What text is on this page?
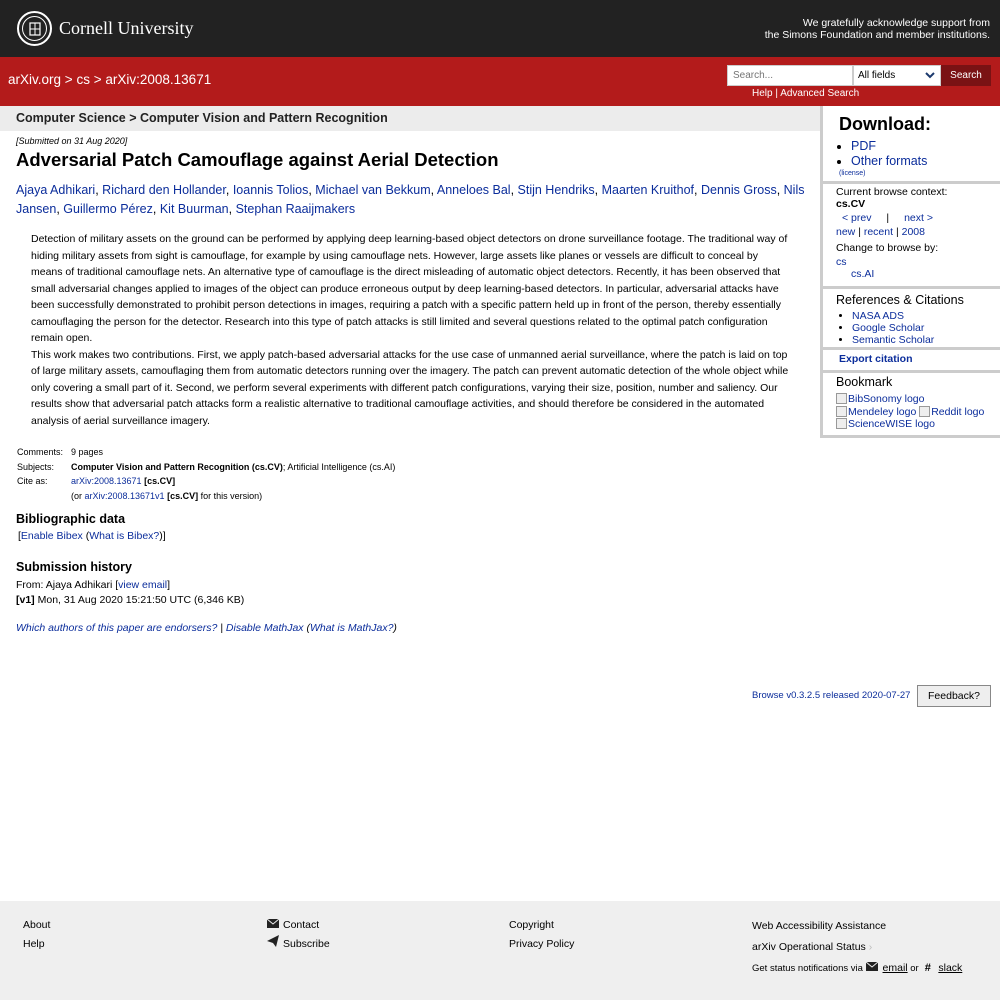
Cornell University	We gratefully acknowledge support from
the Simons Foundation and member institutions.
arXiv.org > cs > arXiv:2008.13671
Search...	All fields	Search
Help | Advanced Search
Computer Science > Computer Vision and Pattern Recognition
[Submitted on 31 Aug 2020]
Adversarial Patch Camouflage against Aerial Detection
Ajaya Adhikari, Richard den Hollander, Ioannis Tolios, Michael van Bekkum, Anneloes Bal, Stijn Hendriks, Maarten Kruithof, Dennis Gross, Nils Jansen, Guillermo Pérez, Kit Buurman, Stephan Raaijmakers

Detection of military assets on the ground can be performed by applying deep learning-based object detectors on drone surveillance footage. The traditional way of hiding military assets from sight is camouflage, for example by using camouflage nets. However, large assets like planes or vessels are difficult to conceal by means of traditional camouflage nets. An alternative type of camouflage is the direct misleading of automatic object detectors. Recently, it has been observed that small adversarial changes applied to images of the object can produce erroneous output by deep learning-based detectors. In particular, adversarial attacks have been successfully demonstrated to prohibit person detections in images, requiring a patch with a specific pattern held up in front of the person, thereby essentially camouflaging the person for the detector. Research into this type of patch attacks is still limited and several questions related to the optimal patch configuration remain open.

This work makes two contributions. First, we apply patch-based adversarial attacks for the use case of unmanned aerial surveillance, where the patch is laid on top of large military assets, camouflaging them from automatic detectors running over the imagery. The patch can prevent automatic detection of the whole object while only covering a small part of it. Second, we perform several experiments with different patch configurations, varying their size, position, number and saliency. Our results show that adversarial patch attacks form a realistic alternative to traditional camouflage activities, and should therefore be considered in the automated analysis of aerial surveillance imagery.

Comments: 9 pages
Subjects:	Computer Vision and Pattern Recognition (cs.CV); Artificial Intelligence (cs.AI)
Cite as:	arXiv:2008.13671 [cs.CV]
(or arXiv:2008.13671v1 [cs.CV] for this version)
Bibliographic data
[Enable Bibex (What is Bibex?)]
Submission history
From: Ajaya Adhikari [view email]
[v1] Mon, 31 Aug 2020 15:21:50 UTC (6,346 KB)
Which authors of this paper are endorsers? | Disable MathJax (What is MathJax?)
Browse v0.3.2.5 released 2020-07-27	Feedback?
Download:
• PDF
• Other formats
(license)
Current browse context:
cs.CV
< prev | next >
new | recent | 2008
Change to browse by:
cs
cs.AI
References & Citations
• NASA ADS
• Google Scholar
• Semantic Scholar
Export citation
Bookmark
BibSonomy logo
Mendeley logo Reddit logo
ScienceWISE logo
About
Help
Contact
Subscribe
Copyright
Privacy Policy
Web Accessibility Assistance
arXiv Operational Status ›
Get status notifications via email or # slack
